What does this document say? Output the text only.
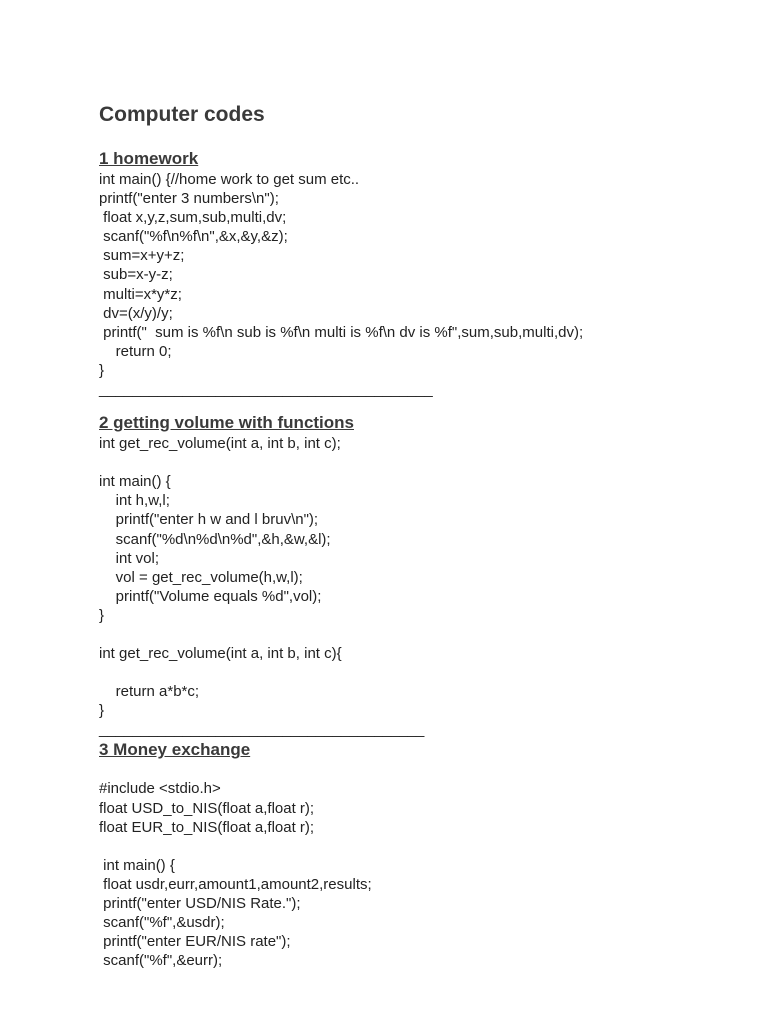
Computer codes
1 homework
int main() {//home work to get sum etc..
printf("enter 3 numbers\n");
float x,y,z,sum,sub,multi,dv;
scanf("%f\n%f\n",&x,&y,&z);
sum=x+y+z;
sub=x-y-z;
multi=x*y*z;
dv=(x/y)/y;
printf("  sum is %f\n sub is %f\n multi is %f\n dv is %f",sum,sub,multi,dv);
return 0;
}
________________________________________
2 getting volume with functions
int get_rec_volume(int a, int b, int c);

int main() {
int h,w,l;
printf("enter h w and l bruv\n");
scanf("%d\n%d\n%d",&h,&w,&l);
int vol;
vol = get_rec_volume(h,w,l);
printf("Volume equals %d",vol);
}

int get_rec_volume(int a, int b, int c){

return a*b*c;
}
_______________________________________
3 Money exchange
#include <stdio.h>
float USD_to_NIS(float a,float r);
float EUR_to_NIS(float a,float r);

int main() {
float usdr,eurr,amount1,amount2,results;
printf("enter USD/NIS Rate.");
scanf("%f",&usdr);
printf("enter EUR/NIS rate");
scanf("%f",&eurr);
